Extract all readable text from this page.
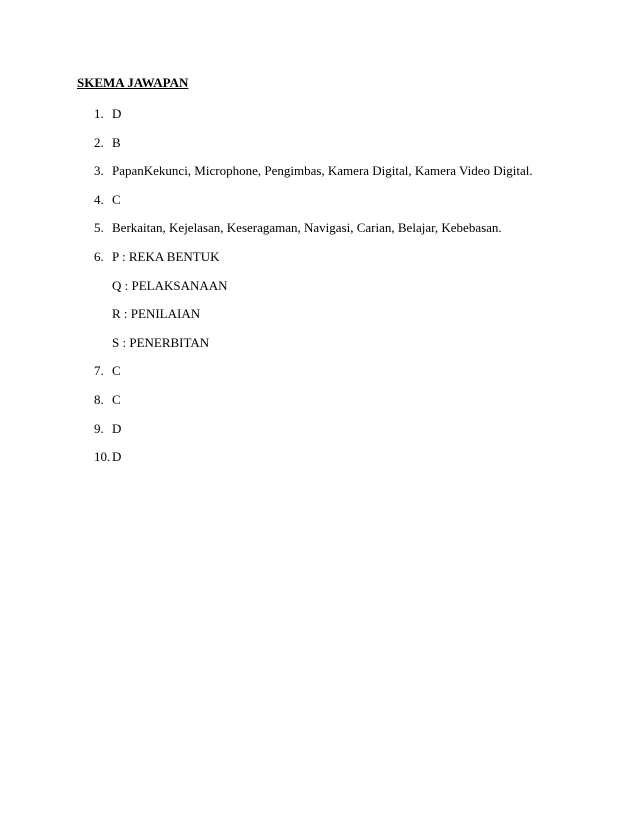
SKEMA JAWAPAN
1. D
2. B
3. PapanKekunci, Microphone, Pengimbas, Kamera Digital, Kamera Video Digital.
4. C
5. Berkaitan, Kejelasan, Keseragaman, Navigasi, Carian, Belajar, Kebebasan.
6. P : REKA BENTUK
Q : PELAKSANAAN
R : PENILAIAN
S : PENERBITAN
7. C
8. C
9. D
10. D
